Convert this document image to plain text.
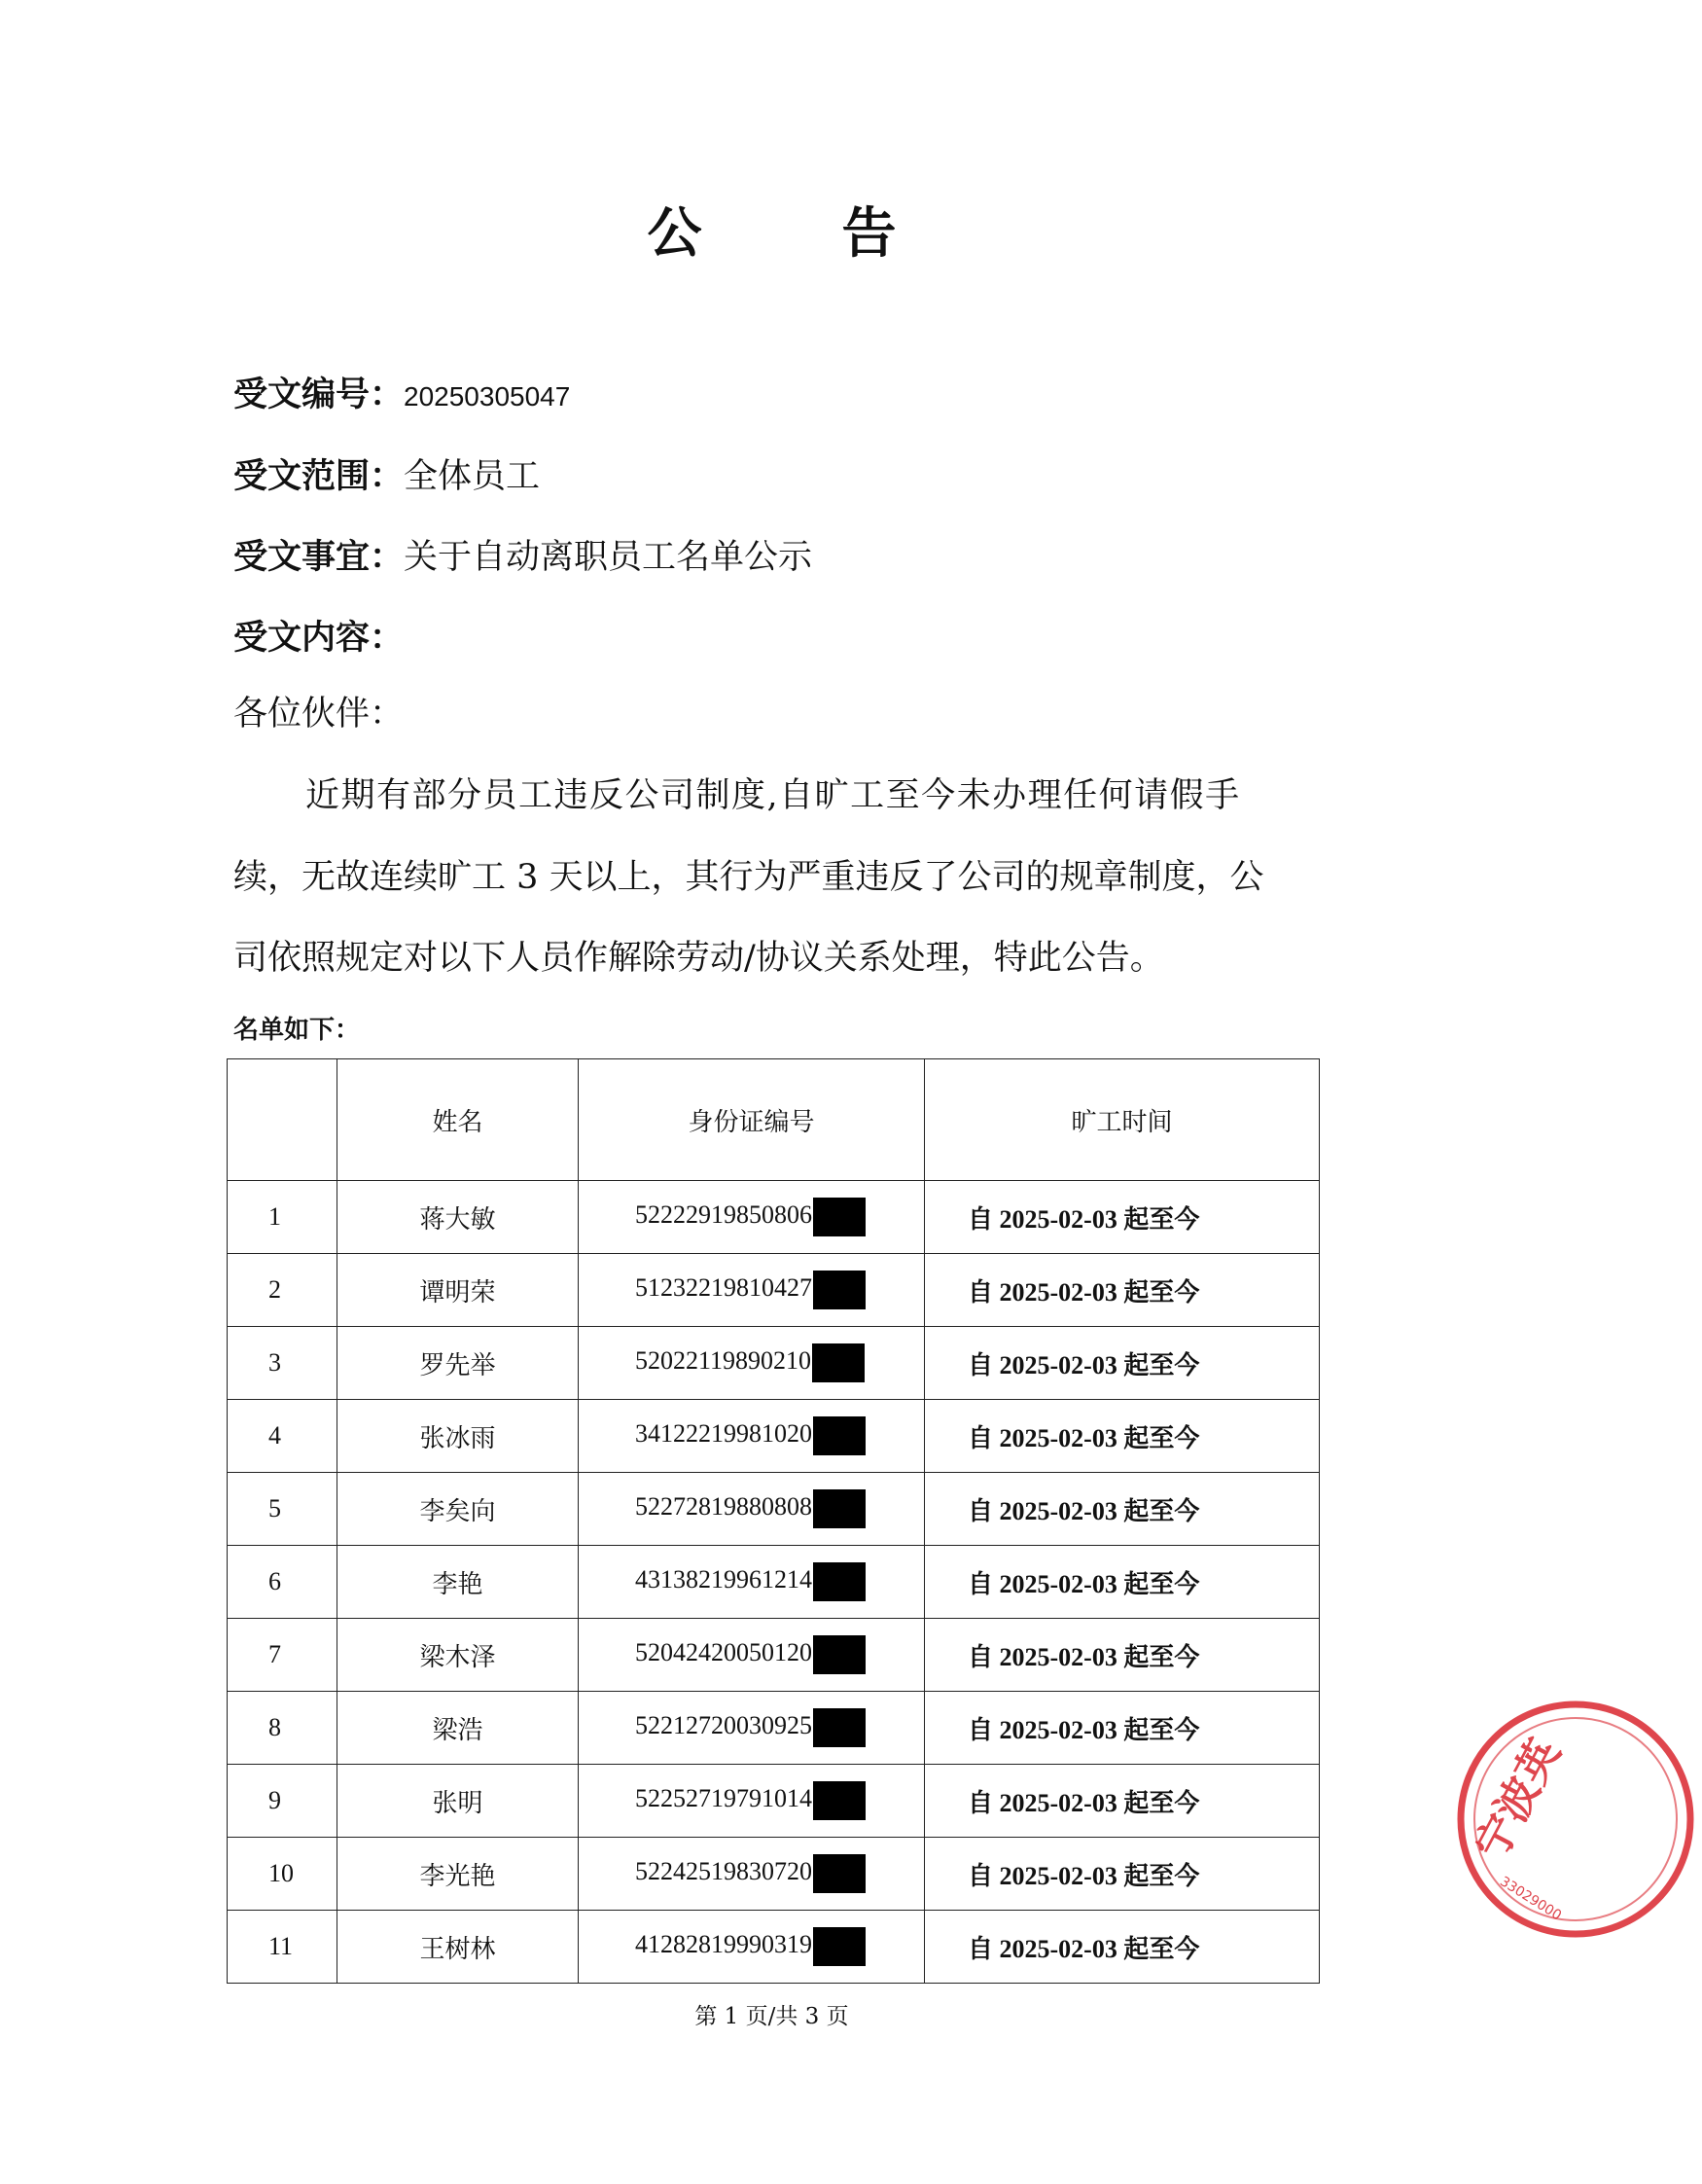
公　告
受文编号：20250305047
受文范围：全体员工
受文事宜：关于自动离职员工名单公示
受文内容：
各位伙伴：
近期有部分员工违反公司制度,自旷工至今未办理任何请假手
续，无故连续旷工 3 天以上，其行为严重违反了公司的规章制度，公
司依照规定对以下人员作解除劳动/协议关系处理，特此公告。
名单如下：
	姓名	身份证编号	旷工时间
1	蒋大敏	52222919850806	自 2025-02-03 起至今
2	谭明荣	51232219810427	自 2025-02-03 起至今
3	罗先举	52022119890210	自 2025-02-03 起至今
4	张冰雨	34122219981020	自 2025-02-03 起至今
5	李矣向	52272819880808	自 2025-02-03 起至今
6	李艳	43138219961214	自 2025-02-03 起至今
7	梁木泽	52042420050120	自 2025-02-03 起至今
8	梁浩	52212720030925	自 2025-02-03 起至今
9	张明	52252719791014	自 2025-02-03 起至今
10	李光艳	52242519830720	自 2025-02-03 起至今
11	王树林	41282819990319	自 2025-02-03 起至今
第 1 页/共 3 页
宁波英
33029000
